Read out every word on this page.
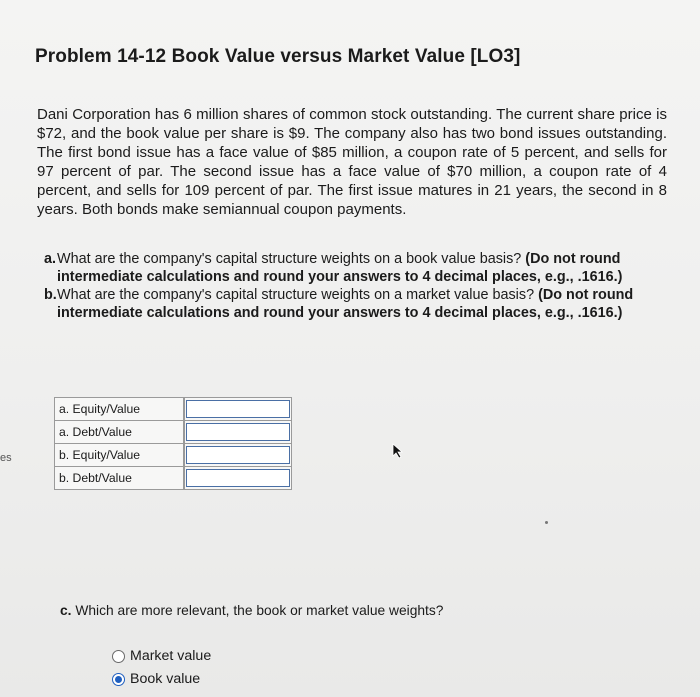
Problem 14-12 Book Value versus Market Value [LO3]
Dani Corporation has 6 million shares of common stock outstanding. The current share price is $72, and the book value per share is $9. The company also has two bond issues outstanding. The first bond issue has a face value of $85 million, a coupon rate of 5 percent, and sells for 97 percent of par. The second issue has a face value of $70 million, a coupon rate of 4 percent, and sells for 109 percent of par. The first issue matures in 21 years, the second in 8 years. Both bonds make semiannual coupon payments.
a. What are the company's capital structure weights on a book value basis? (Do not round intermediate calculations and round your answers to 4 decimal places, e.g., .1616.)
b. What are the company's capital structure weights on a market value basis? (Do not round intermediate calculations and round your answers to 4 decimal places, e.g., .1616.)
es
a. Equity/Value		

a. Debt/Value		

b. Equity/Value		

b. Debt/Value		
c. Which are more relevant, the book or market value weights?
Market value
Book value
